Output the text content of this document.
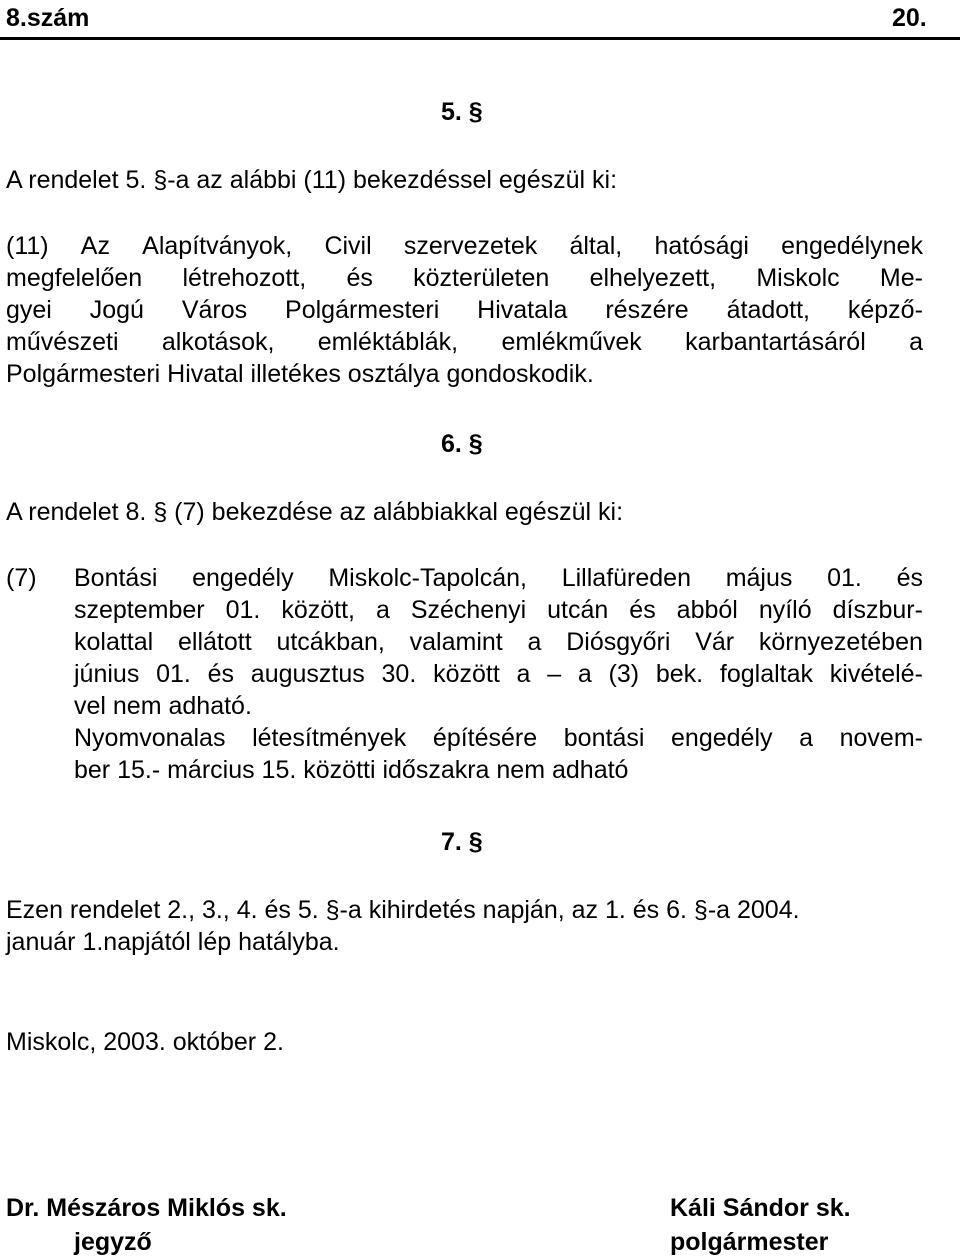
8.szám	20.
5. §
A rendelet 5. §-a az alábbi (11) bekezdéssel egészül ki:
(11) Az Alapítványok, Civil szervezetek által, hatósági engedélynek
megfelelően létrehozott, és közterületen elhelyezett, Miskolc Me-
gyei Jogú Város Polgármesteri Hivatala részére átadott, képző-
művészeti alkotások, emléktáblák, emlékművek karbantartásáról a
Polgármesteri Hivatal illetékes osztálya gondoskodik.
6. §
A rendelet 8. § (7) bekezdése az alábbiakkal egészül ki:
(7) Bontási engedély Miskolc-Tapolcán, Lillafüreden május 01. és
szeptember 01. között, a Széchenyi utcán és abból nyíló díszbur-
kolattal ellátott utcákban, valamint a Diósgyőri Vár környezetében
június 01. és augusztus 30. között a – a (3) bek. foglaltak kivételé-
vel nem adható.
Nyomvonalas létesítmények építésére bontási engedély a novem-
ber 15.- március 15. közötti időszakra nem adható
7. §
Ezen rendelet 2., 3., 4. és 5. §-a kihirdetés napján, az 1. és 6. §-a 2004.
január 1.napjától lép hatályba.
Miskolc, 2003. október 2.
Dr. Mészáros Miklós sk.
jegyző
Káli Sándor sk.
polgármester
